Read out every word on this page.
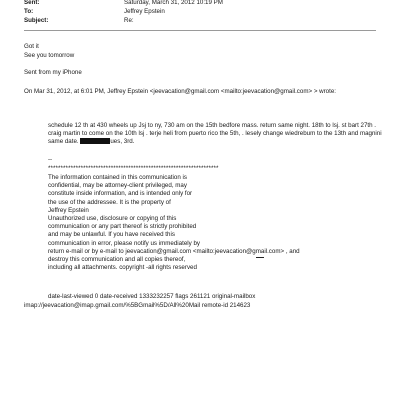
Sent:	Saturday, March 31, 2012 10:19 PM
To:	Jeffrey Epstein
Subject:	Re:
Got it
See you tomorrow
Sent from my iPhone
On Mar 31, 2012, at 6:01 PM, Jeffrey Epstein <jeevacation@gmail.com <mailto:jeevacation@gmail.com> > wrote:
schedule 12 th at 430 wheels up Jsj to ny, 730 am on the 15th bedfore mass. return same night. 18th to lsj. st bart 27th . craig martin to come on the 10th lsj . terje heli from puerto rico the 5th, . lesely change wiedrebum to the 13th and magnini same date.	ues, 3rd.
--
********************************************************************
The information contained in this communication is
confidential, may be attorney-client privileged, may
constitute inside information, and is intended only for
the use of the addressee. It is the property of
Jeffrey Epstein
Unauthorized use, disclosure or copying of this
communication or any part thereof is strictly prohibited
and may be unlawful. If you have received this
communication in error, please notify us immediately by
return e-mail or by e-mail to jeevacation@gmail.com <mailto:jeevacation@gmail.com> , and
destroy this communication and all copies thereof,
including all attachments. copyright -all rights reserved
date-last-viewed 0 date-received 1333232257 flags 261121 original-mailbox
imap://jeevacation@imap.gmail.com/%5BGmail%5D/All%20Mail remote-id 214623
